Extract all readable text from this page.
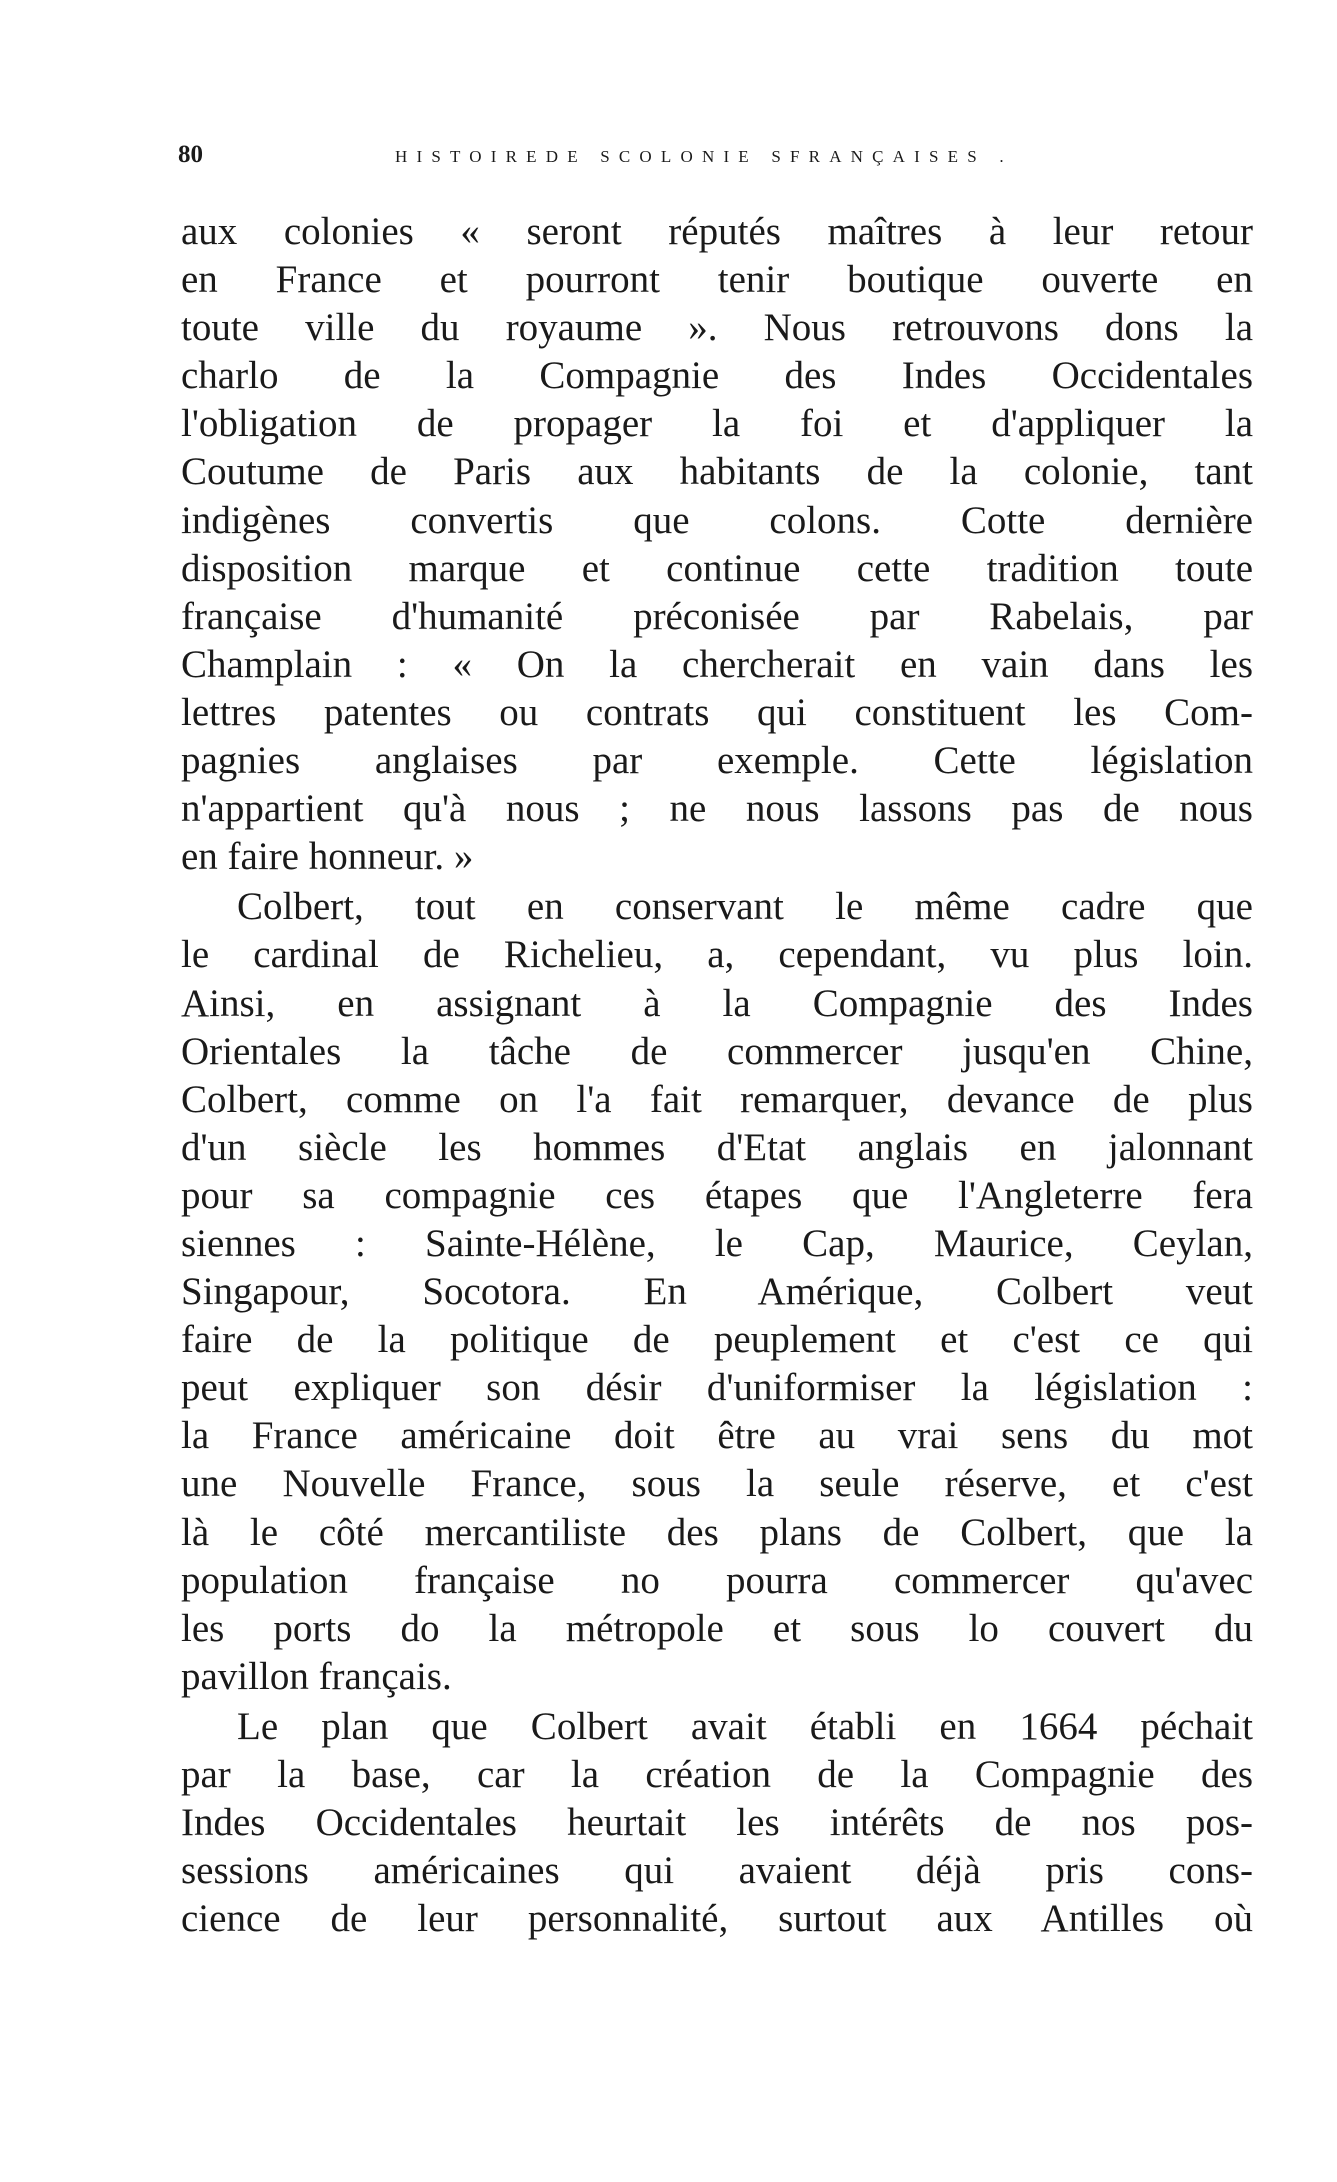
80	HISTOIREDE SCOLONIE SFRANÇAISES .
aux colonies « seront réputés maîtres à leur retour
en France et pourront tenir boutique ouverte en
toute ville du royaume ». Nous retrouvons dons la
charlo de la Compagnie des Indes Occidentales
l'obligation de propager la foi et d'appliquer la
Coutume de Paris aux habitants de la colonie, tant
indigènes convertis que colons. Cotte dernière
disposition marque et continue cette tradition toute
française d'humanité préconisée par Rabelais, par
Champlain : « On la chercherait en vain dans les
lettres patentes ou contrats qui constituent les Com-
pagnies anglaises par exemple. Cette législation
n'appartient qu'à nous ; ne nous lassons pas de nous
en faire honneur. »
Colbert, tout en conservant le même cadre que
le cardinal de Richelieu, a, cependant, vu plus loin.
Ainsi, en assignant à la Compagnie des Indes
Orientales la tâche de commercer jusqu'en Chine,
Colbert, comme on l'a fait remarquer, devance de plus
d'un siècle les hommes d'Etat anglais en jalonnant
pour sa compagnie ces étapes que l'Angleterre fera
siennes : Sainte-Hélène, le Cap, Maurice, Ceylan,
Singapour, Socotora. En Amérique, Colbert veut
faire de la politique de peuplement et c'est ce qui
peut expliquer son désir d'uniformiser la législation :
la France américaine doit être au vrai sens du mot
une Nouvelle France, sous la seule réserve, et c'est
là le côté mercantiliste des plans de Colbert, que la
population française no pourra commercer qu'avec
les ports do la métropole et sous lo couvert du
pavillon français.
Le plan que Colbert avait établi en 1664 péchait
par la base, car la création de la Compagnie des
Indes Occidentales heurtait les intérêts de nos pos-
sessions américaines qui avaient déjà pris cons-
cience de leur personnalité, surtout aux Antilles où
